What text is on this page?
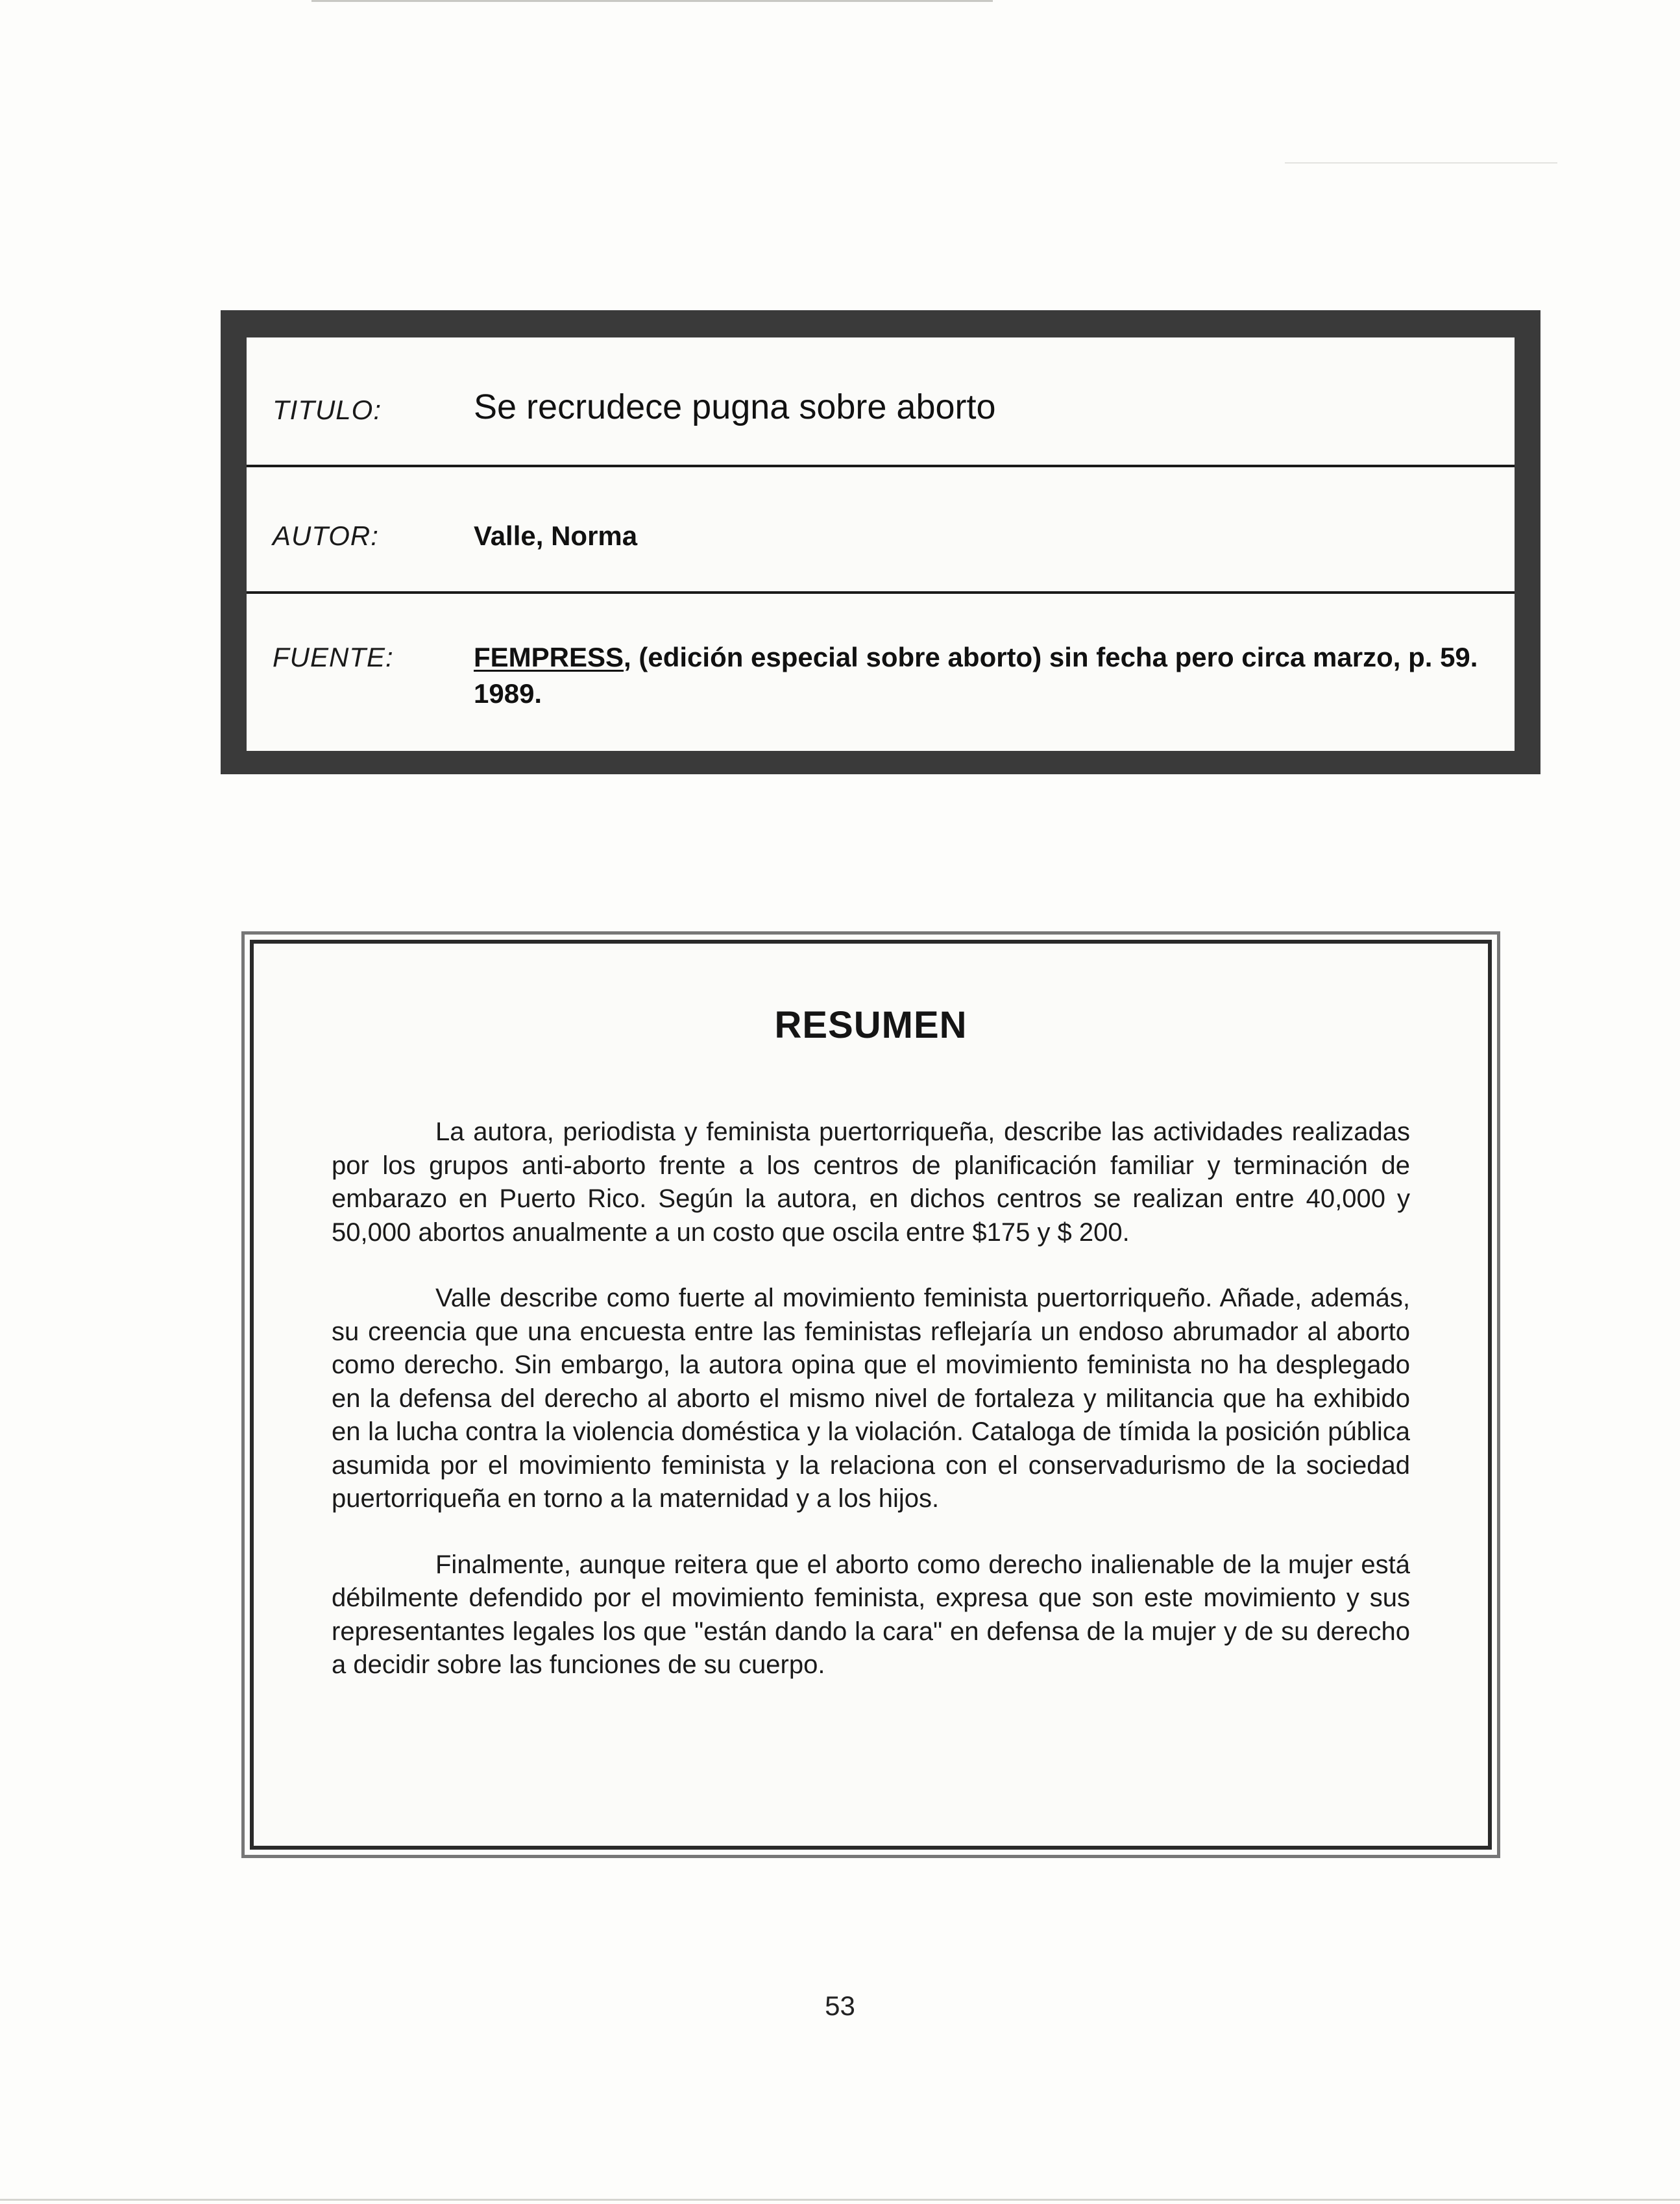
TITULO:	Se recrudece pugna sobre aborto
AUTOR:	Valle, Norma
FUENTE:	FEMPRESS, (edición especial sobre aborto) sin fecha pero circa marzo, p. 59. 1989.
RESUMEN

La autora, periodista y feminista puertorriqueña, describe las actividades realizadas por los grupos anti-aborto frente a los centros de planificación familiar y terminación de embarazo en Puerto Rico. Según la autora, en dichos centros se realizan entre 40,000 y 50,000 abortos anualmente a un costo que oscila entre $175 y $ 200.

Valle describe como fuerte al movimiento feminista puertorriqueño. Añade, además, su creencia que una encuesta entre las feministas reflejaría un endoso abrumador al aborto como derecho. Sin embargo, la autora opina que el movimiento feminista no ha desplegado en la defensa del derecho al aborto el mismo nivel de fortaleza y militancia que ha exhibido en la lucha contra la violencia doméstica y la violación. Cataloga de tímida la posición pública asumida por el movimiento feminista y la relaciona con el conservadurismo de la sociedad puertorriqueña en torno a la maternidad y a los hijos.

Finalmente, aunque reitera que el aborto como derecho inalienable de la mujer está débilmente defendido por el movimiento feminista, expresa que son este movimiento y sus representantes legales los que "están dando la cara" en defensa de la mujer y de su derecho a decidir sobre las funciones de su cuerpo.

53
